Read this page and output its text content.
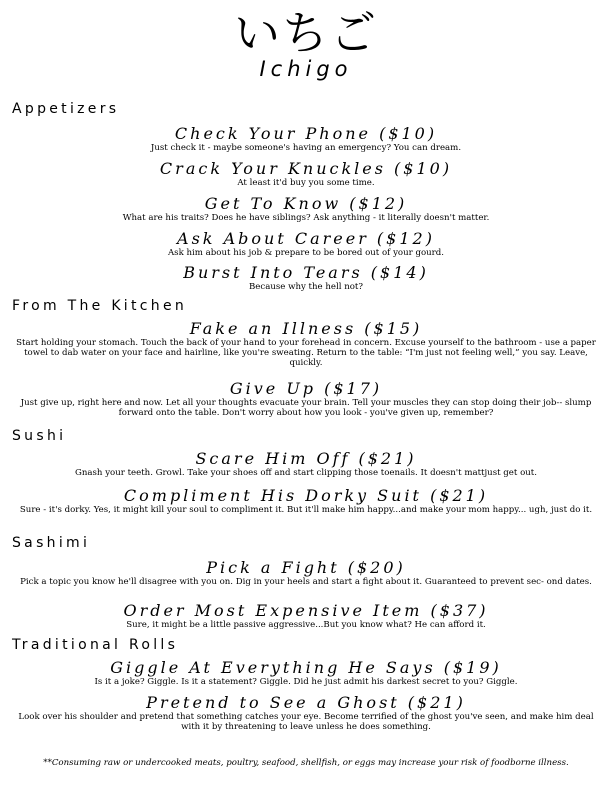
いちご
Ichigo
Appetizers
Check Your Phone ($10)
Just check it - maybe someone's having an emergency? You can dream.
Crack Your Knuckles ($10)
At least it'd buy you some time.
Get To Know ($12)
What are his traits? Does he have siblings? Ask anything - it literally doesn't matter.
Ask About Career ($12)
Ask him about his job & prepare to be bored out of your gourd.
Burst Into Tears ($14)
Because why the hell not?
From The Kitchen
Fake an Illness ($15)
Start holding your stomach. Touch the back of your hand to your forehead in concern. Excuse yourself to the bathroom - use a paper towel to dab water on your face and hairline, like you're sweating. Return to the table: “I'm just not feeling well,” you say. Leave, quickly.
Give Up ($17)
Just give up, right here and now. Let all your thoughts evacuate your brain. Tell your muscles they can stop doing their job-- slump forward onto the table. Don't worry about how you look - you've given up, remember?
Sushi
Scare Him Off ($21)
Gnash your teeth. Growl. Take your shoes off and start clipping those toenails. It doesn't mattjust get out.
Compliment His Dorky Suit ($21)
Sure - it's dorky. Yes, it might kill your soul to compliment it. But it'll make him happy...and make your mom happy... ugh, just do it.
Sashimi
Pick a Fight ($20)
Pick a topic you know he'll disagree with you on. Dig in your heels and start a fight about it. Guaranteed to prevent sec- ond dates.
Order Most Expensive Item ($37)
Sure, it might be a little passive aggressive...But you know what? He can afford it.
Traditional Rolls
Giggle At Everything He Says ($19)
Is it a joke? Giggle. Is it a statement? Giggle. Did he just admit his darkest secret to you? Giggle.
Pretend to See a Ghost ($21)
Look over his shoulder and pretend that something catches your eye. Become terrified of the ghost you've seen, and make him deal with it by threatening to leave unless he does something.
**Consuming raw or undercooked meats, poultry, seafood, shellfish, or eggs may increase your risk of foodborne illness.
